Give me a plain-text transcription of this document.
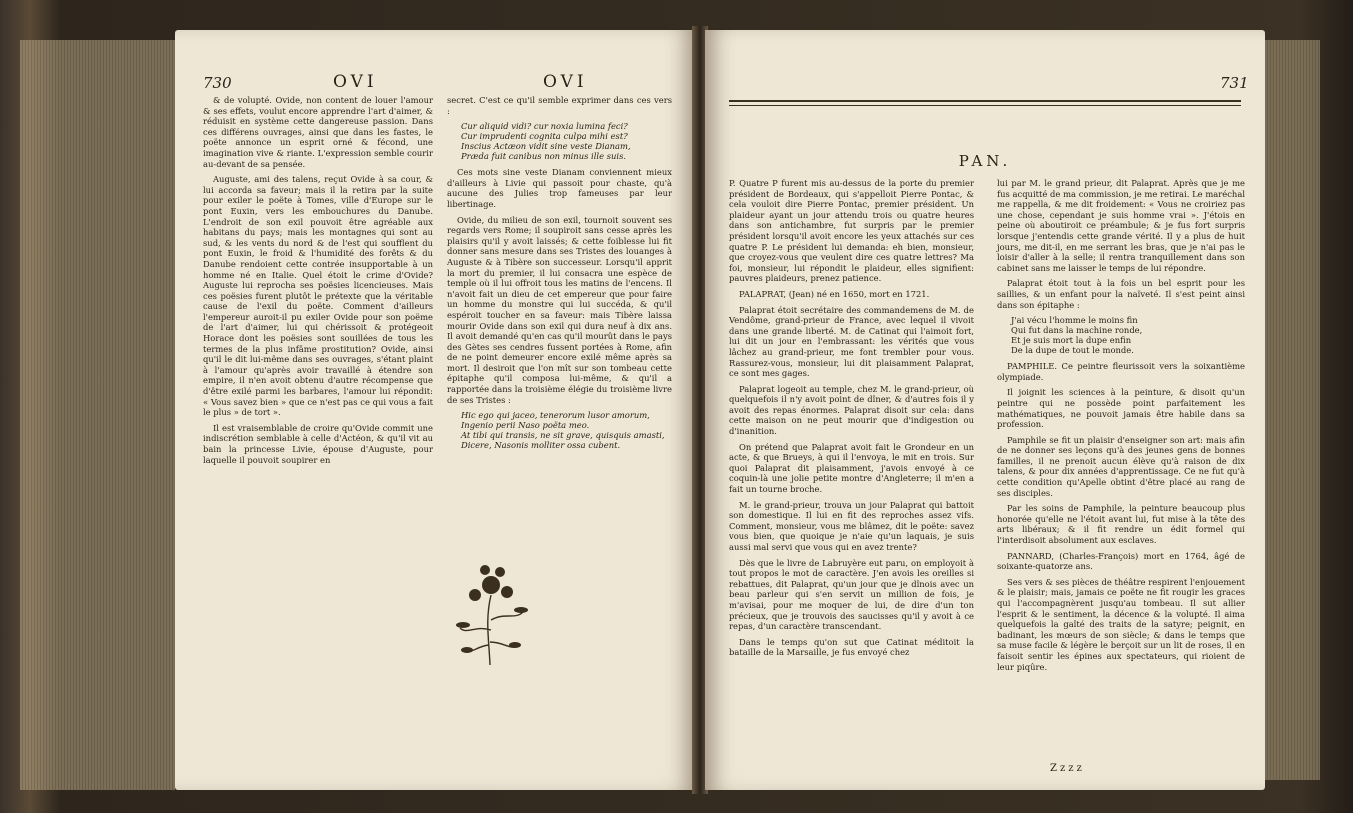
730	OVI	OVI

& de volupté. Ovide, non content de louer l'amour & ses effets, voulut encore apprendre l'art d'aimer, & réduisit en système cette dangereuse passion. Dans ces différens ouvrages, ainsi que dans les fastes, le poëte annonce un esprit orné & fécond, une imagination vive & riante. L'expression semble courir au-devant de sa pensée.

Auguste, ami des talens, reçut Ovide à sa cour, & lui accorda sa faveur; mais il la retira par la suite pour exiler le poëte à Tomes, ville d'Europe sur le pont Euxin, vers les embouchures du Danube. L'endroit de son exil pouvoit être agréable aux habitans du pays; mais les montagnes qui sont au sud, & les vents du nord & de l'est qui soufflent du pont Euxin, le froid & l'humidité des forêts & du Danube rendoient cette contrée insupportable à un homme né en Italie. Quel étoit le crime d'Ovide? Auguste lui reprocha ses poësies licencieuses. Mais ces poësies furent plutôt le prétexte que la véritable cause de l'exil du poëte. Comment d'ailleurs l'empereur auroit-il pu exiler Ovide pour son poëme de l'art d'aimer, lui qui chérissoit & protégeoit Horace dont les poësies sont souillées de tous les termes de la plus infâme prostitution? Ovide, ainsi qu'il le dit lui-même dans ses ouvrages, s'étant plaint à l'amour qu'après avoir travaillé à étendre son empire, il n'en avoit obtenu d'autre récompense que d'être exilé parmi les barbares, l'amour lui répondit: « Vous savez bien » que ce n'est pas ce qui vous a fait le plus » de tort ».

Il est vraisemblable de croire qu'Ovide commit une indiscrétion semblable à celle d'Actéon, & qu'il vit au bain la princesse Livie, épouse d'Auguste, pour laquelle il pouvoit soupirer en

secret. C'est ce qu'il semble exprimer dans ces vers :

Cur aliquid vidi? cur noxia lumina feci?
Cur imprudenti cognita culpa mihi est?
Inscius Actæon vidit sine veste Dianam,
Præda fuit canibus non minus ille suis.

Ces mots sine veste Dianam conviennent mieux d'ailleurs à Livie qui passoit pour chaste, qu'à aucune des Julies trop fameuses par leur libertinage.

Ovide, du milieu de son exil, tournoit souvent ses regards vers Rome; il soupiroit sans cesse après les plaisirs qu'il y avoit laissés; & cette foiblesse lui fit donner sans mesure dans ses Tristes des louanges à Auguste & à Tibère son successeur. Lorsqu'il apprit la mort du premier, il lui consacra une espèce de temple où il lui offroit tous les matins de l'encens. Il n'avoit fait un dieu de cet empereur que pour faire un homme du monstre qui lui succéda, & qu'il espéroit toucher en sa faveur: mais Tibère laissa mourir Ovide dans son exil qui dura neuf à dix ans. Il avoit demandé qu'en cas qu'il mourût dans le pays des Gètes ses cendres fussent portées à Rome, afin de ne point demeurer encore exilé même après sa mort. Il desiroit que l'on mît sur son tombeau cette épitaphe qu'il composa lui-même, & qu'il a rapportée dans la troisième élégie du troisième livre de ses Tristes :

Hic ego qui jaceo, tenerorum lusor amorum,
Ingenio perii Naso poëta meo.
At tibi qui transis, ne sit grave, quisquis amasti,
Dicere, Nasonis molliter ossa cubent.
731
PAN.

P. Quatre P furent mis au-dessus de la porte du premier président de Bordeaux, qui s'appelloit Pierre Pontac, & cela vouloit dire Pierre Pontac, premier président. Un plaideur ayant un jour attendu trois ou quatre heures dans son antichambre, fut surpris par le premier président lorsqu'il avoit encore les yeux attachés sur ces quatre P. Le président lui demanda: eh bien, monsieur, que croyez-vous que veulent dire ces quatre lettres? Ma foi, monsieur, lui répondit le plaideur, elles signifient: pauvres plaideurs, prenez patience.

PALAPRAT, (Jean) né en 1650, mort en 1721.

Palaprat étoit secrétaire des commandemens de M. de Vendôme, grand-prieur de France, avec lequel il vivoit dans une grande liberté. M. de Catinat qui l'aimoit fort, lui dit un jour en l'embrassant: les vérités que vous lâchez au grand-prieur, me font trembler pour vous. Rassurez-vous, monsieur, lui dit plaisamment Palaprat, ce sont mes gages.

Palaprat logeoit au temple, chez M. le grand-prieur, où quelquefois il n'y avoit point de dîner, & d'autres fois il y avoit des repas énormes. Palaprat disoit sur cela: dans cette maison on ne peut mourir que d'indigestion ou d'inanition.

On prétend que Palaprat avoit fait le Grondeur en un acte, & que Brueys, à qui il l'envoya, le mit en trois. Sur quoi Palaprat dit plaisamment, j'avois envoyé à ce coquin-là une jolie petite montre d'Angleterre; il m'en a fait un tourne broche.

M. le grand-prieur, trouva un jour Palaprat qui battoit son domestique. Il lui en fit des reproches assez vifs. Comment, monsieur, vous me blâmez, dit le poëte: savez vous bien, que quoique je n'aie qu'un laquais, je suis aussi mal servi que vous qui en avez trente?

Dès que le livre de Labruyère eut paru, on employoit à tout propos le mot de caractère. J'en avois les oreilles si rebattues, dit Palaprat, qu'un jour que je dînois avec un beau parleur qui s'en servit un million de fois, je m'avisai, pour me moquer de lui, de dire d'un ton précieux, que je trouvois des saucisses qu'il y avoit à ce repas, d'un caractère transcendant.

Dans le temps qu'on sut que Catinat méditoit la bataille de la Marsaille, je fus envoyé chez

lui par M. le grand prieur, dit Palaprat. Après que je me fus acquitté de ma commission, je me retirai. Le maréchal me rappella, & me dit froidement: « Vous ne croiriez pas une chose, cependant je suis homme vrai ». J'étois en peine où aboutiroit ce préambule; & je fus fort surpris lorsque j'entendis cette grande vérité. Il y a plus de huit jours, me dit-il, en me serrant les bras, que je n'ai pas le loisir d'aller à la selle; il rentra tranquillement dans son cabinet sans me laisser le temps de lui répondre.

Palaprat étoit tout à la fois un bel esprit pour les saillies, & un enfant pour la naïveté. Il s'est peint ainsi dans son épitaphe :

J'ai vécu l'homme le moins fin
Qui fut dans la machine ronde,
Et je suis mort la dupe enfin
De la dupe de tout le monde.

PAMPHILE. Ce peintre fleurissoit vers la soixantième olympiade.

Il joignit les sciences à la peinture, & disoit qu'un peintre qui ne possède point parfaitement les mathématiques, ne pouvoit jamais être habile dans sa profession.

Pamphile se fit un plaisir d'enseigner son art: mais afin de ne donner ses leçons qu'à des jeunes gens de bonnes familles, il ne prenoit aucun élève qu'à raison de dix talens, & pour dix années d'apprentissage. Ce ne fut qu'à cette condition qu'Apelle obtint d'être placé au rang de ses disciples.

Par les soins de Pamphile, la peinture beaucoup plus honorée qu'elle ne l'étoit avant lui, fut mise à la tête des arts libéraux; & il fit rendre un édit formel qui l'interdisoit absolument aux esclaves.

PANNARD, (Charles-François) mort en 1764, âgé de soixante-quatorze ans.

Ses vers & ses pièces de théâtre respirent l'enjouement & le plaisir; mais, jamais ce poëte ne fit rougir les graces qui l'accompagnèrent jusqu'au tombeau. Il sut allier l'esprit & le sentiment, la décence & la volupté. Il aima quelquefois la gaîté des traits de la satyre; peignit, en badinant, les mœurs de son siècle; & dans le temps que sa muse facile & légère le berçoit sur un lit de roses, il en faisoit sentir les épines aux spectateurs, qui rioient de leur piqûre.

Zzzz
